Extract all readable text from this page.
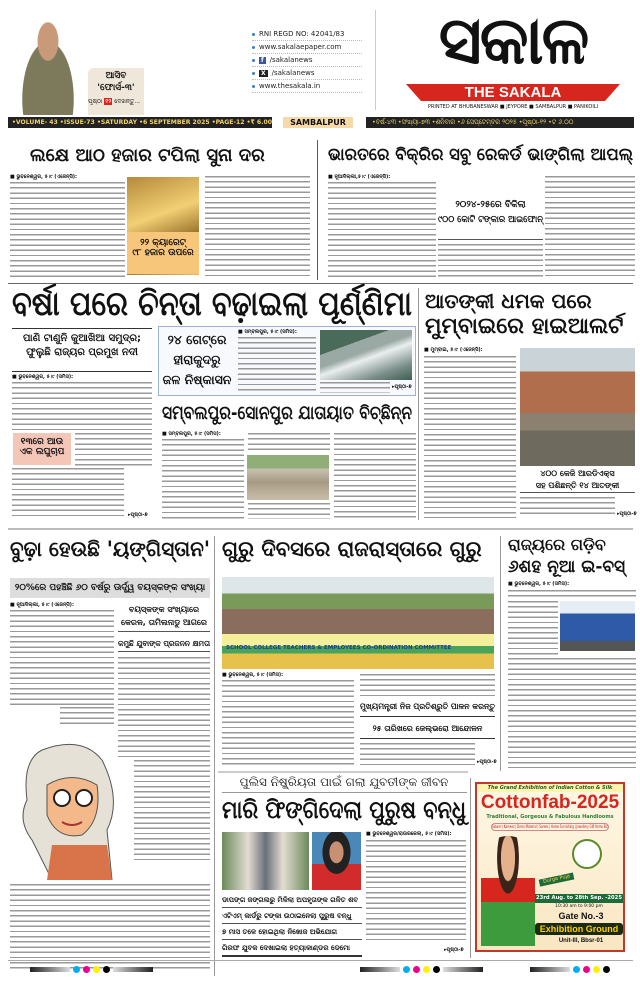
ଆସିବ
'ଫୋର୍ସ-୩'
ପୃଷ୍ଠା ୧୨ ଦେଖନ୍ତୁ...
RNI REGD NO: 42041/83
www.sakalaepaper.com
f /sakalanews
X /sakalanews
www.thesakala.in
ସକାଳ
THE SAKALA
PRINTED AT BHUBANESWAR ■ JEYPORE ■ SAMBALPUR ■ PANIKOILI
•VOLUME- 43 •ISSUE-73 •SATURDAY •6 SEPTEMBER 2025 •PAGE-12 •₹ 6.00	SAMBALPUR	•ବର୍ଷ-୪୩ •ସଂଖ୍ୟା-୭୩ •ଶନିବାର •୬ ସେପ୍ଟେମ୍ବର ୨୦୨୫ •ପୃଷ୍ଠା-୧୨ •ଟ ୬.୦୦
ଲକ୍ଷେ ଆଠ ହଜାର ଟପିଲା ସୁନା ଦର
■ ଭୁବନେଶ୍ୱର, ୫।୯ (ଏଜେନ୍ସି):
୨୨ କ୍ୟାରେଟ୍
୯୮ ହଜାର ଉପରେ
ଭାରତରେ ବିକ୍ରିର ସବୁ ରେକର୍ଡ ଭାଙ୍ଗିଲା ଆପଲ୍
■ ନୂଆଦିଲ୍ଲୀ,୫।୯ (ଏଜେନ୍ସି):
୨୦୨୪-୨୫ରେ ବିକିଲା
୯୦୦ କୋଟି ଟଙ୍କାର ଆଇଫୋନ୍
ବର୍ଷା ପରେ ଚିନ୍ତା ବଢ଼ାଇଲା ପୂର୍ଣ୍ଣିମା
ପାଣି ଟାଣୁନି କୁଆଖିଆ ସମୁଦ୍ର;
ଫୁଲୁଛି ରାଜ୍ୟର ପ୍ରମୁଖ ନଦୀ
■ ଭୁବନେଶ୍ୱର, ୫।୯ (ସମିସ):
୧୩ରେ ଆଉ
ଏକ ଲଘୁଚାପ
▸ପୃଷ୍ଠା-୭
୨୪ ଗେଟ୍‌ରେ
ହୀରାକୁଦରୁ
ଜଳ ନିଷ୍କାସନ
■ ସମ୍ବଲପୁର, ୫।୯ (ସମିସ):
▸ପୃଷ୍ଠା-୭
ସମ୍ବଲପୁର-ସୋନପୁର ଯାତାୟାତ ବିଚ୍ଛିନ୍ନ
■ ସମ୍ବଲପୁର, ୫।୯ (ସମିସ):
ଆତଙ୍କୀ ଧମକ ପରେ
ମୁମ୍ବାଇରେ ହାଇଆଲର୍ଟ
■ ମୁମ୍ବାଇ, ୫।୯ (ଏଜେନ୍ସି):
୪୦୦ କେଜି ଆରଡିଏକ୍ସ
ସହ ପଶିଛନ୍ତି ୧୪ ଆତଙ୍କୀ
▸ପୃଷ୍ଠା-୭
ବୁଢ଼ା ହେଉଛି 'ୟଙ୍ଗିସ୍ତାନ'
୨୦%ରେ ପହଞ୍ଚିଛି ୬୦ ବର୍ଷରୁ ଊର୍ଦ୍ଧ୍ୱ ବୟସ୍କଙ୍କ ସଂଖ୍ୟା
■ ନୂଆଦିଲ୍ଲୀ, ୫।୯ (ଏଜେନ୍ସି):	ବୟସ୍କଙ୍କ ସଂଖ୍ୟାରେ
କେରଳ, ତାମିଲନାଡୁ ଆଗରେ
କମୁଛି ଯୁବାଙ୍କ ପ୍ରଜନନ କ୍ଷମତା
ଗୁରୁ ଦିବସରେ ରାଜରାସ୍ତାରେ ଗୁରୁ
SCHOOL COLLEGE TEACHERS & EMPLOYEES CO-ORDINATION COMMITTEE
■ ଭୁବନେଶ୍ୱର, ୫।୯ (ସମିସ):
ମୁଖ୍ୟମନ୍ତ୍ରୀ ନିଜ ପ୍ରତିଶ୍ରୁତି ପାଳନ କରନ୍ତୁ
୨୫ ତାରିଖରେ ଜେଲ୍‌ଭରୋ ଆନ୍ଦୋଳନ
▸ପୃଷ୍ଠା-୭
ରାଜ୍ୟରେ ଗଡ଼ିବ
୬ଶହ ନୂଆ ଇ-ବସ୍
■ ଭୁବନେଶ୍ୱର, ୫।୯ (ସମିସ):
ପୁଲିସ ନିଷ୍କ୍ରିୟତା ପାଇଁ ଗଲା ଯୁବତୀଙ୍କ ଜୀବନ
ମାରି ଫିଙ୍ଗିଦେଲା ପୁରୁଷ ବନ୍ଧୁ
ଡାପଙ୍ଗ ଜଙ୍ଗଲରୁ ମିଳିଲା ଅପହୃତାଙ୍କ ଗଳିତ ଶବ
ଏଟିଏମ୍ କାର୍ଡରୁ ଟଙ୍କା ଉଠାଇନେଲା ପୁରୁଷ ବନ୍ଧୁ
୭ ମାସ ତଳେ ହୋଇଥିଲା ନିଖୋଜ ଅଭିଯୋଗ
ଗିରଫ ଯୁବକ ଦେଖାଇଲା ହତ୍ୟାକାଣ୍ଡର ଡେମୋ
■ ଭୁବନେଶ୍ୱର/ରାଉରକେଲା, ୫।୯ (ସମିସ):
▸ପୃଷ୍ଠା-୭
The Grand Exhibition of Indian Cotton & Silk
Cottonfab-2025
Traditional, Gorgeous & Fabulous Handlooms
Salwar | Kameez | Dress Material | Sarees | Home Furnishing | Jewellery Gift Items Etc
Durga Puja
23rd Aug. to 28th Sep. -2025
10:30 am to 9:00 pm
Gate No.-3
Exhibition Ground
Unit-III, Bbsr-01
